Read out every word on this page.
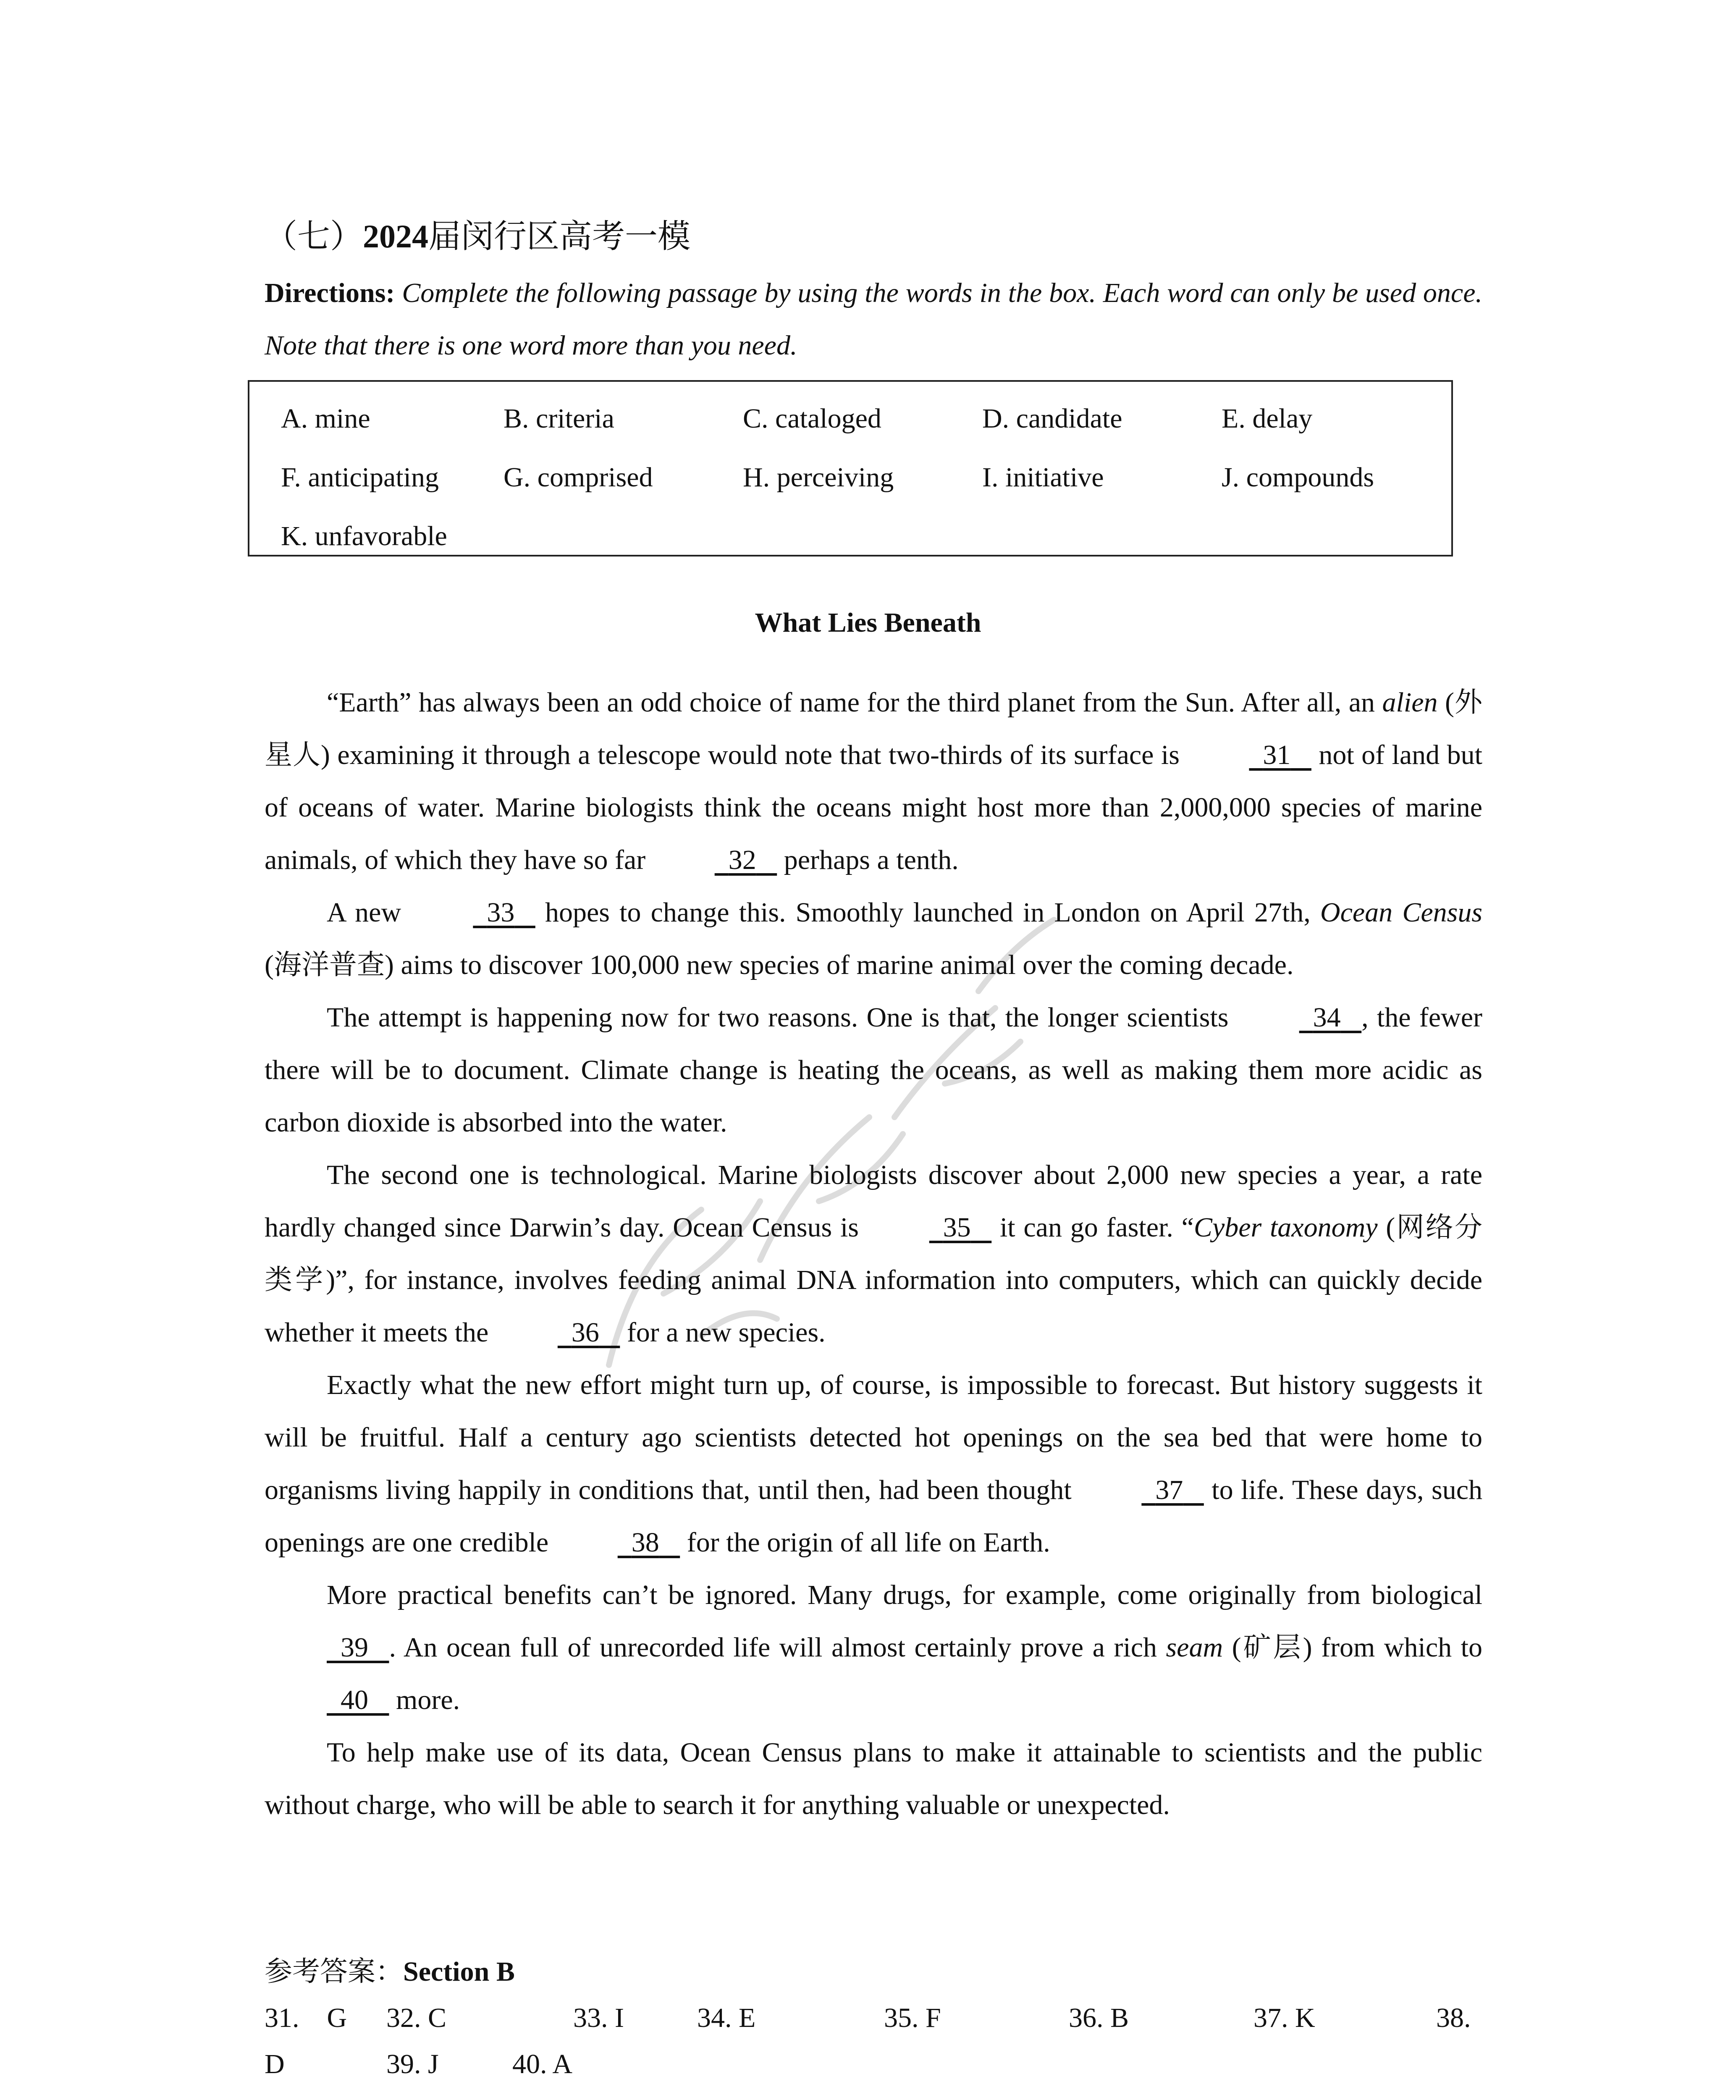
（七）2024届闵行区高考一模
Directions: Complete the following passage by using the words in the box. Each word can only be used once. Note that there is one word more than you need.
A. mine	B. criteria	C. cataloged	D. candidate	E. delay
F. anticipating G. comprised	H. perceiving	I. initiative	J. compounds
K. unfavorable
What Lies Beneath

“Earth” has always been an odd choice of name for the third planet from the Sun. After all, an alien (外星人) examining it through a telescope would note that two-thirds of its surface is	31    not of land but of oceans of water. Marine biologists think the oceans might host more than 2,000,000 species of marine animals, of which they have so far	32    perhaps a tenth.

A new	33    hopes to change this. Smoothly launched in London on April 27th, Ocean Census (海洋普查) aims to discover 100,000 new species of marine animal over the coming decade.

The attempt is happening now for two reasons. One is that, the longer scientists	34 , the fewer there will be to document. Climate change is heating the oceans, as well as making them more acidic as carbon dioxide is absorbed into the water.

The second one is technological. Marine biologists discover about 2,000 new species a year, a rate hardly changed since Darwin’s day. Ocean Census is	35    it can go faster. “Cyber taxonomy (网络分类学)”, for instance, involves feeding animal DNA information into computers, which can quickly decide whether it meets the	36    for a new species.

Exactly what the new effort might turn up, of course, is impossible to forecast. But history suggests it will be fruitful. Half a century ago scientists detected hot openings on the sea bed that were home to organisms living happily in conditions that, until then, had been thought	37    to life. These days, such openings are one credible	38    for the origin of all life on Earth.

More practical benefits can’t be ignored. Many drugs, for example, come originally from biological   39 . An ocean full of unrecorded life will almost certainly prove a rich seam (矿层) from which to   40    more.

To help make use of its data, Ocean Census plans to make it attainable to scientists and the public without charge, who will be able to search it for anything valuable or unexpected.

参考答案：Section B
31.　G 32. C	33. I	34. E	35. F	36. B	37. K	38.
D	39. J	40. A
